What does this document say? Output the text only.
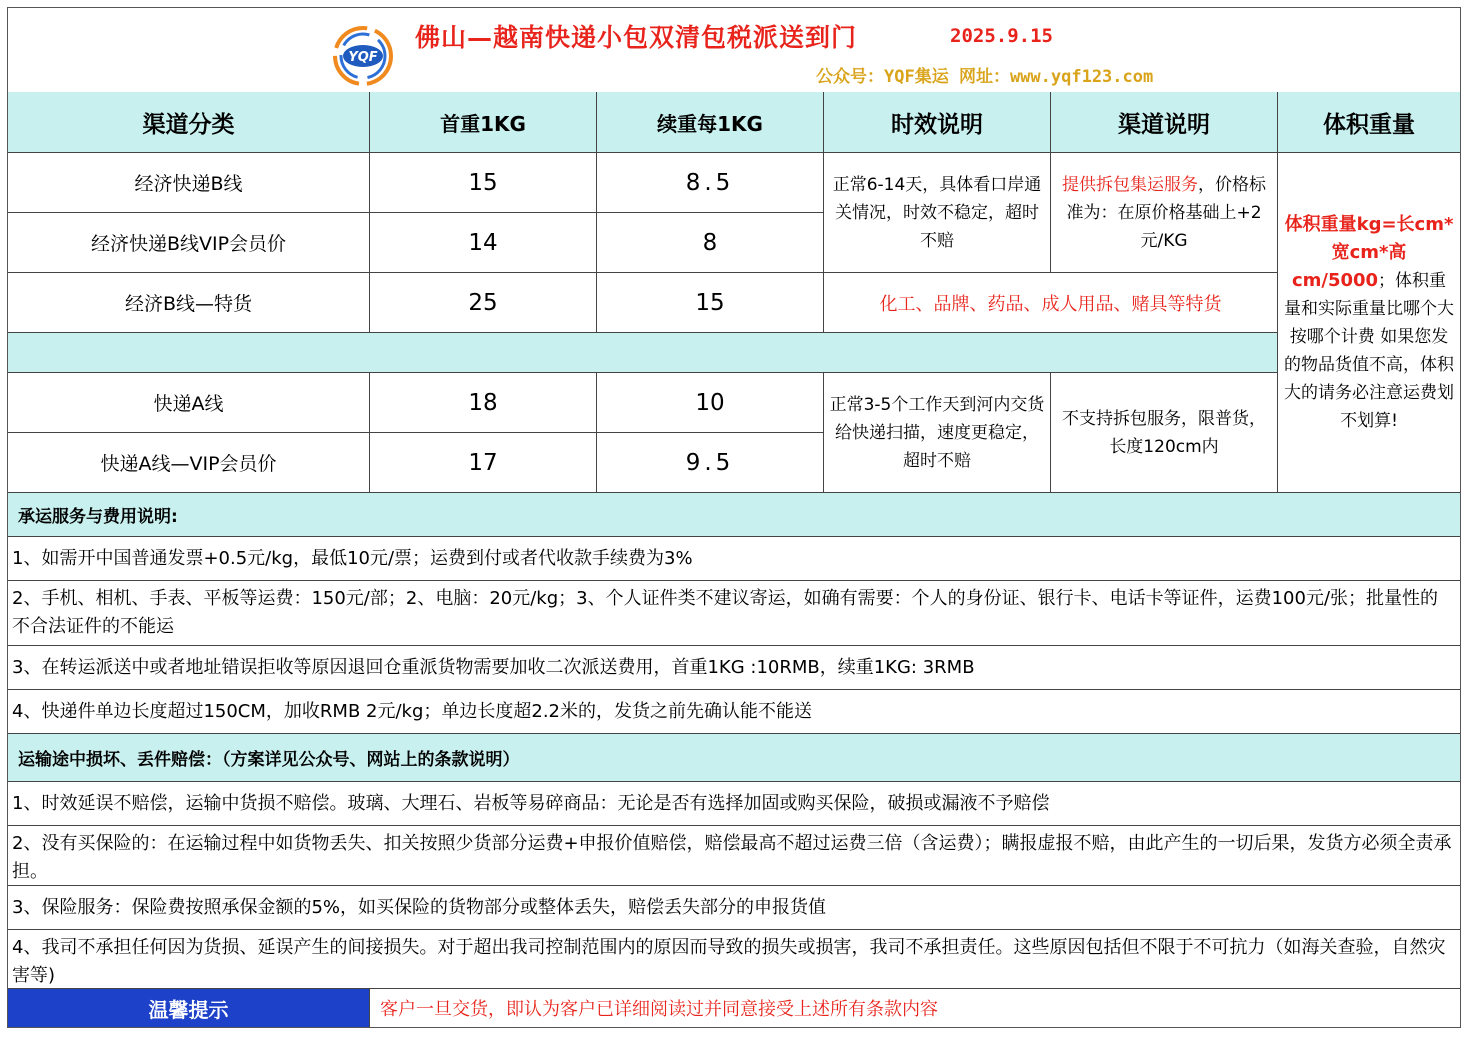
YQF
佛山—越南快递小包双清包税派送到门	2025.9.15
公众号：YQF集运 网址：www.yqf123.com
渠道分类	首重1KG	续重每1KG	时效说明	渠道说明	体积重量
经济快递B线	15	8.5
经济快递B线VIP会员价	14	8
正常6-14天，具体看口岸通关情况，时效不稳定，超时不赔
提供拆包集运服务，价格标准为：在原价格基础上+2元/KG
经济B线—特货	25	15	化工、品牌、药品、成人用品、赌具等特货
快递A线	18	10
快递A线—VIP会员价	17	9.5
正常3-5个工作天到河内交货给快递扫描，速度更稳定，超时不赔
不支持拆包服务，限普货，长度120cm内
体积重量kg=长cm*宽cm*高cm/5000；体积重量和实际重量比哪个大按哪个计费 如果您发的物品货值不高，体积大的请务必注意运费划不划算!
承运服务与费用说明:
1、如需开中国普通发票+0.5元/kg，最低10元/票；运费到付或者代收款手续费为3%
2、手机、相机、手表、平板等运费：150元/部；2、电脑：20元/kg；3、个人证件类不建议寄运，如确有需要：个人的身份证、银行卡、电话卡等证件，运费100元/张；批量性的不合法证件的不能运
3、在转运派送中或者地址错误拒收等原因退回仓重派货物需要加收二次派送费用，首重1KG :10RMB，续重1KG: 3RMB
4、快递件单边长度超过150CM，加收RMB 2元/kg；单边长度超2.2米的，发货之前先确认能不能送
运输途中损坏、丢件赔偿：（方案详见公众号、网站上的条款说明）
1、时效延误不赔偿，运输中货损不赔偿。玻璃、大理石、岩板等易碎商品：无论是否有选择加固或购买保险，破损或漏液不予赔偿
2、没有买保险的：在运输过程中如货物丢失、扣关按照少货部分运费+申报价值赔偿，赔偿最高不超过运费三倍（含运费）；瞒报虚报不赔，由此产生的一切后果，发货方必须全责承担。
3、保险服务：保险费按照承保金额的5%，如买保险的货物部分或整体丢失，赔偿丢失部分的申报货值
4、我司不承担任何因为货损、延误产生的间接损失。对于超出我司控制范围内的原因而导致的损失或损害，我司不承担责任。这些原因包括但不限于不可抗力（如海关查验，自然灾害等)
温馨提示	客户一旦交货，即认为客户已详细阅读过并同意接受上述所有条款内容
